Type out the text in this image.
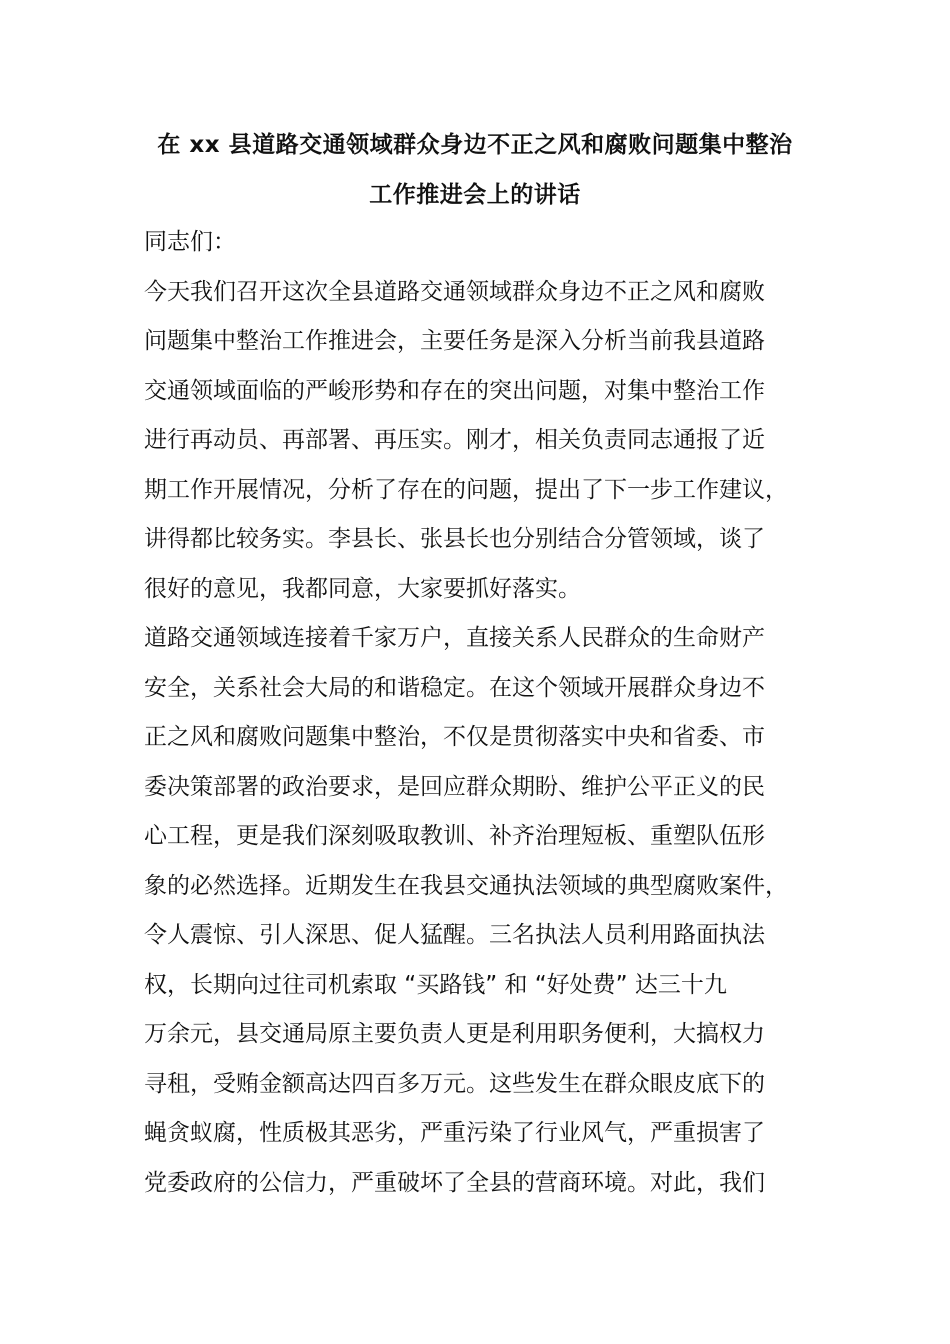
在 xx 县道路交通领域群众身边不正之风和腐败问题集中整治
工作推进会上的讲话
同志们：
今天我们召开这次全县道路交通领域群众身边不正之风和腐败
问题集中整治工作推进会，主要任务是深入分析当前我县道路
交通领域面临的严峻形势和存在的突出问题，对集中整治工作
进行再动员、再部署、再压实。刚才，相关负责同志通报了近
期工作开展情况，分析了存在的问题，提出了下一步工作建议，
讲得都比较务实。李县长、张县长也分别结合分管领域，谈了
很好的意见，我都同意，大家要抓好落实。
道路交通领域连接着千家万户，直接关系人民群众的生命财产
安全，关系社会大局的和谐稳定。在这个领域开展群众身边不
正之风和腐败问题集中整治，不仅是贯彻落实中央和省委、市
委决策部署的政治要求，是回应群众期盼、维护公平正义的民
心工程，更是我们深刻吸取教训、补齐治理短板、重塑队伍形
象的必然选择。近期发生在我县交通执法领域的典型腐败案件，
令人震惊、引人深思、促人猛醒。三名执法人员利用路面执法
权，长期向过往司机索取 “买路钱” 和 “好处费” 达三十九
万余元，县交通局原主要负责人更是利用职务便利，大搞权力
寻租，受贿金额高达四百多万元。这些发生在群众眼皮底下的
蝇贪蚁腐，性质极其恶劣，严重污染了行业风气，严重损害了
党委政府的公信力，严重破坏了全县的营商环境。对此，我们
